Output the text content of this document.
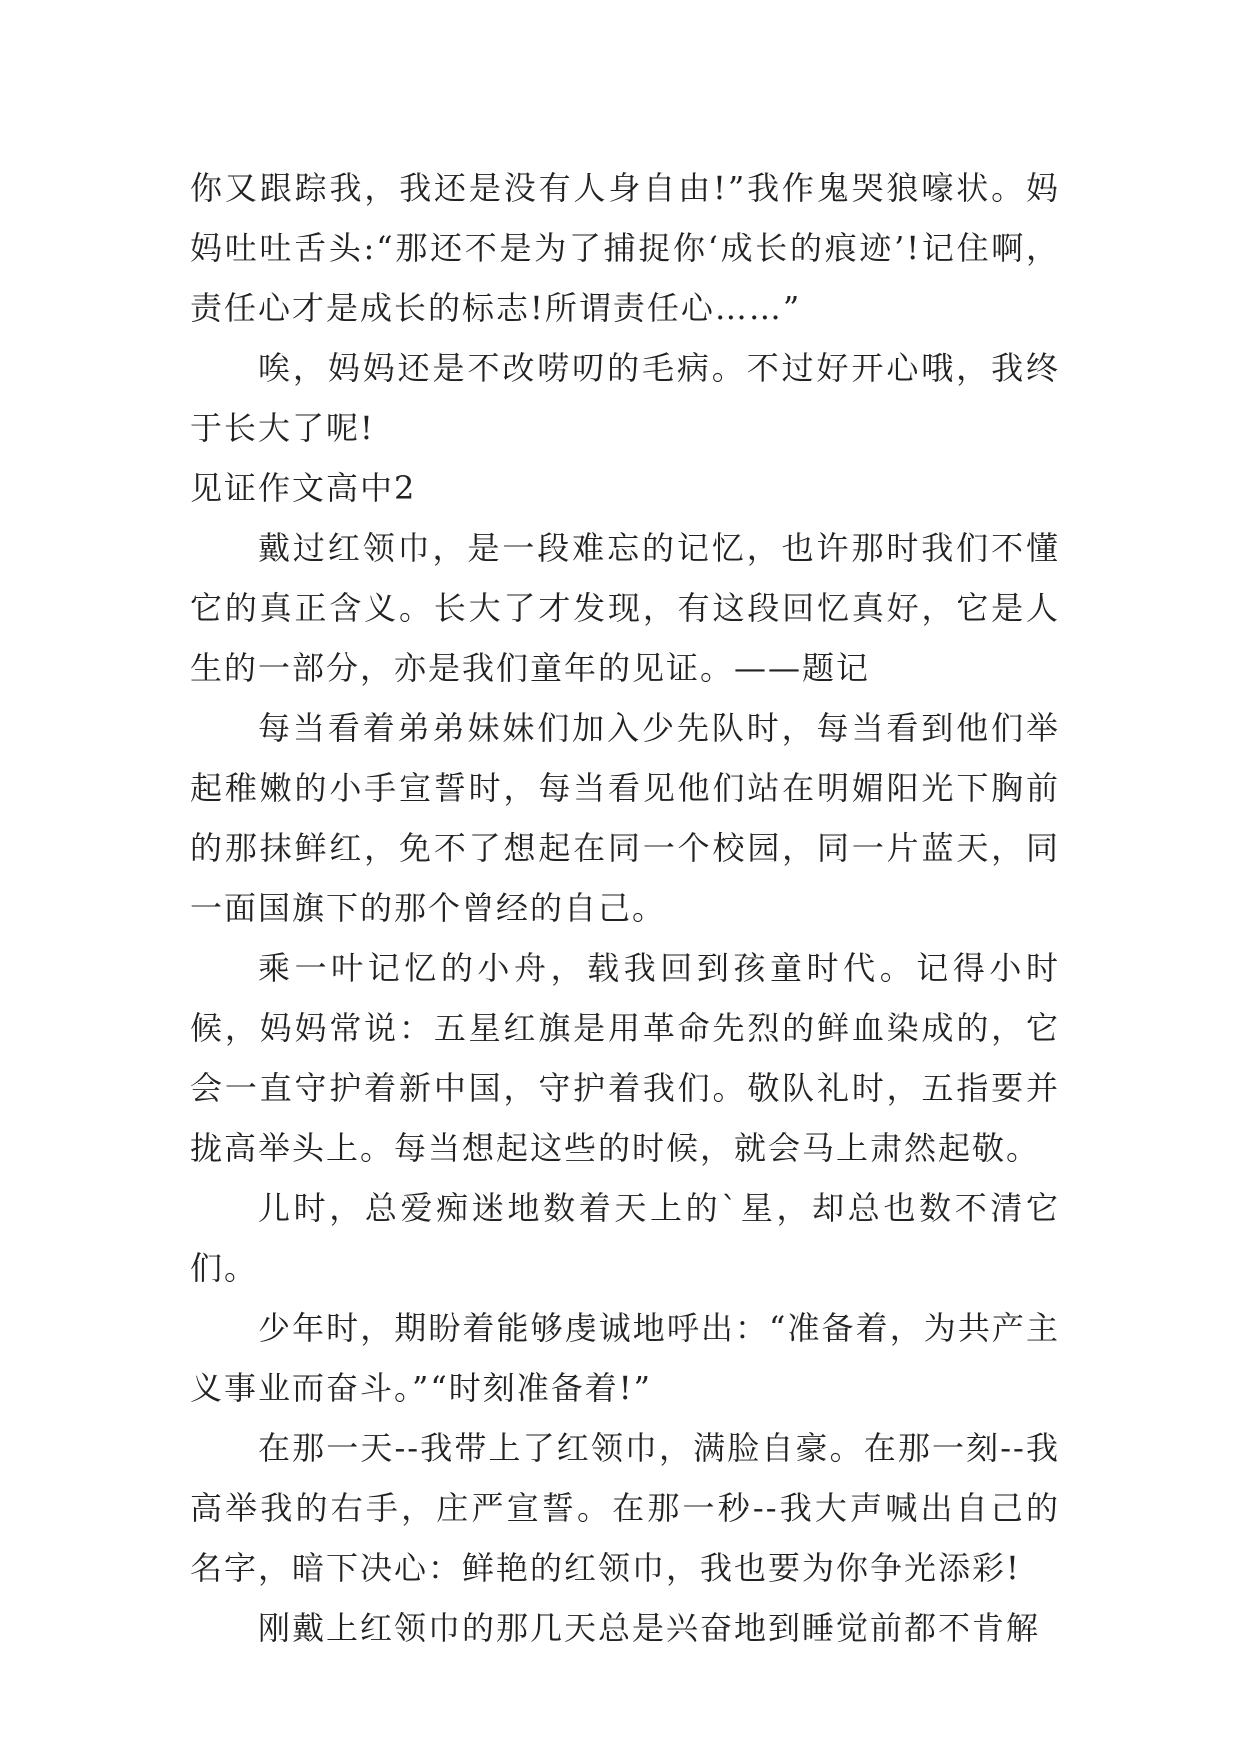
你又跟踪我，我还是没有人身自由!”我作鬼哭狼嚎状。妈妈吐吐舌头:“那还不是为了捕捉你‘成长的痕迹’!记住啊，责任心才是成长的标志!所谓责任心……”

唉，妈妈还是不改唠叨的毛病。不过好开心哦，我终于长大了呢!

见证作文高中2

戴过红领巾，是一段难忘的记忆，也许那时我们不懂它的真正含义。长大了才发现，有这段回忆真好，它是人生的一部分，亦是我们童年的见证。——题记

每当看着弟弟妹妹们加入少先队时，每当看到他们举起稚嫩的小手宣誓时，每当看见他们站在明媚阳光下胸前的那抹鲜红，免不了想起在同一个校园，同一片蓝天，同一面国旗下的那个曾经的自己。

乘一叶记忆的小舟，载我回到孩童时代。记得小时候，妈妈常说：五星红旗是用革命先烈的鲜血染成的，它会一直守护着新中国，守护着我们。敬队礼时，五指要并拢高举头上。每当想起这些的时候，就会马上肃然起敬。

儿时，总爱痴迷地数着天上的`星，却总也数不清它们。

少年时，期盼着能够虔诚地呼出：“准备着，为共产主义事业而奋斗。”“时刻准备着!”

在那一天--我带上了红领巾，满脸自豪。在那一刻--我高举我的右手，庄严宣誓。在那一秒--我大声喊出自己的名字，暗下决心：鲜艳的红领巾，我也要为你争光添彩!

刚戴上红领巾的那几天总是兴奋地到睡觉前都不肯解
